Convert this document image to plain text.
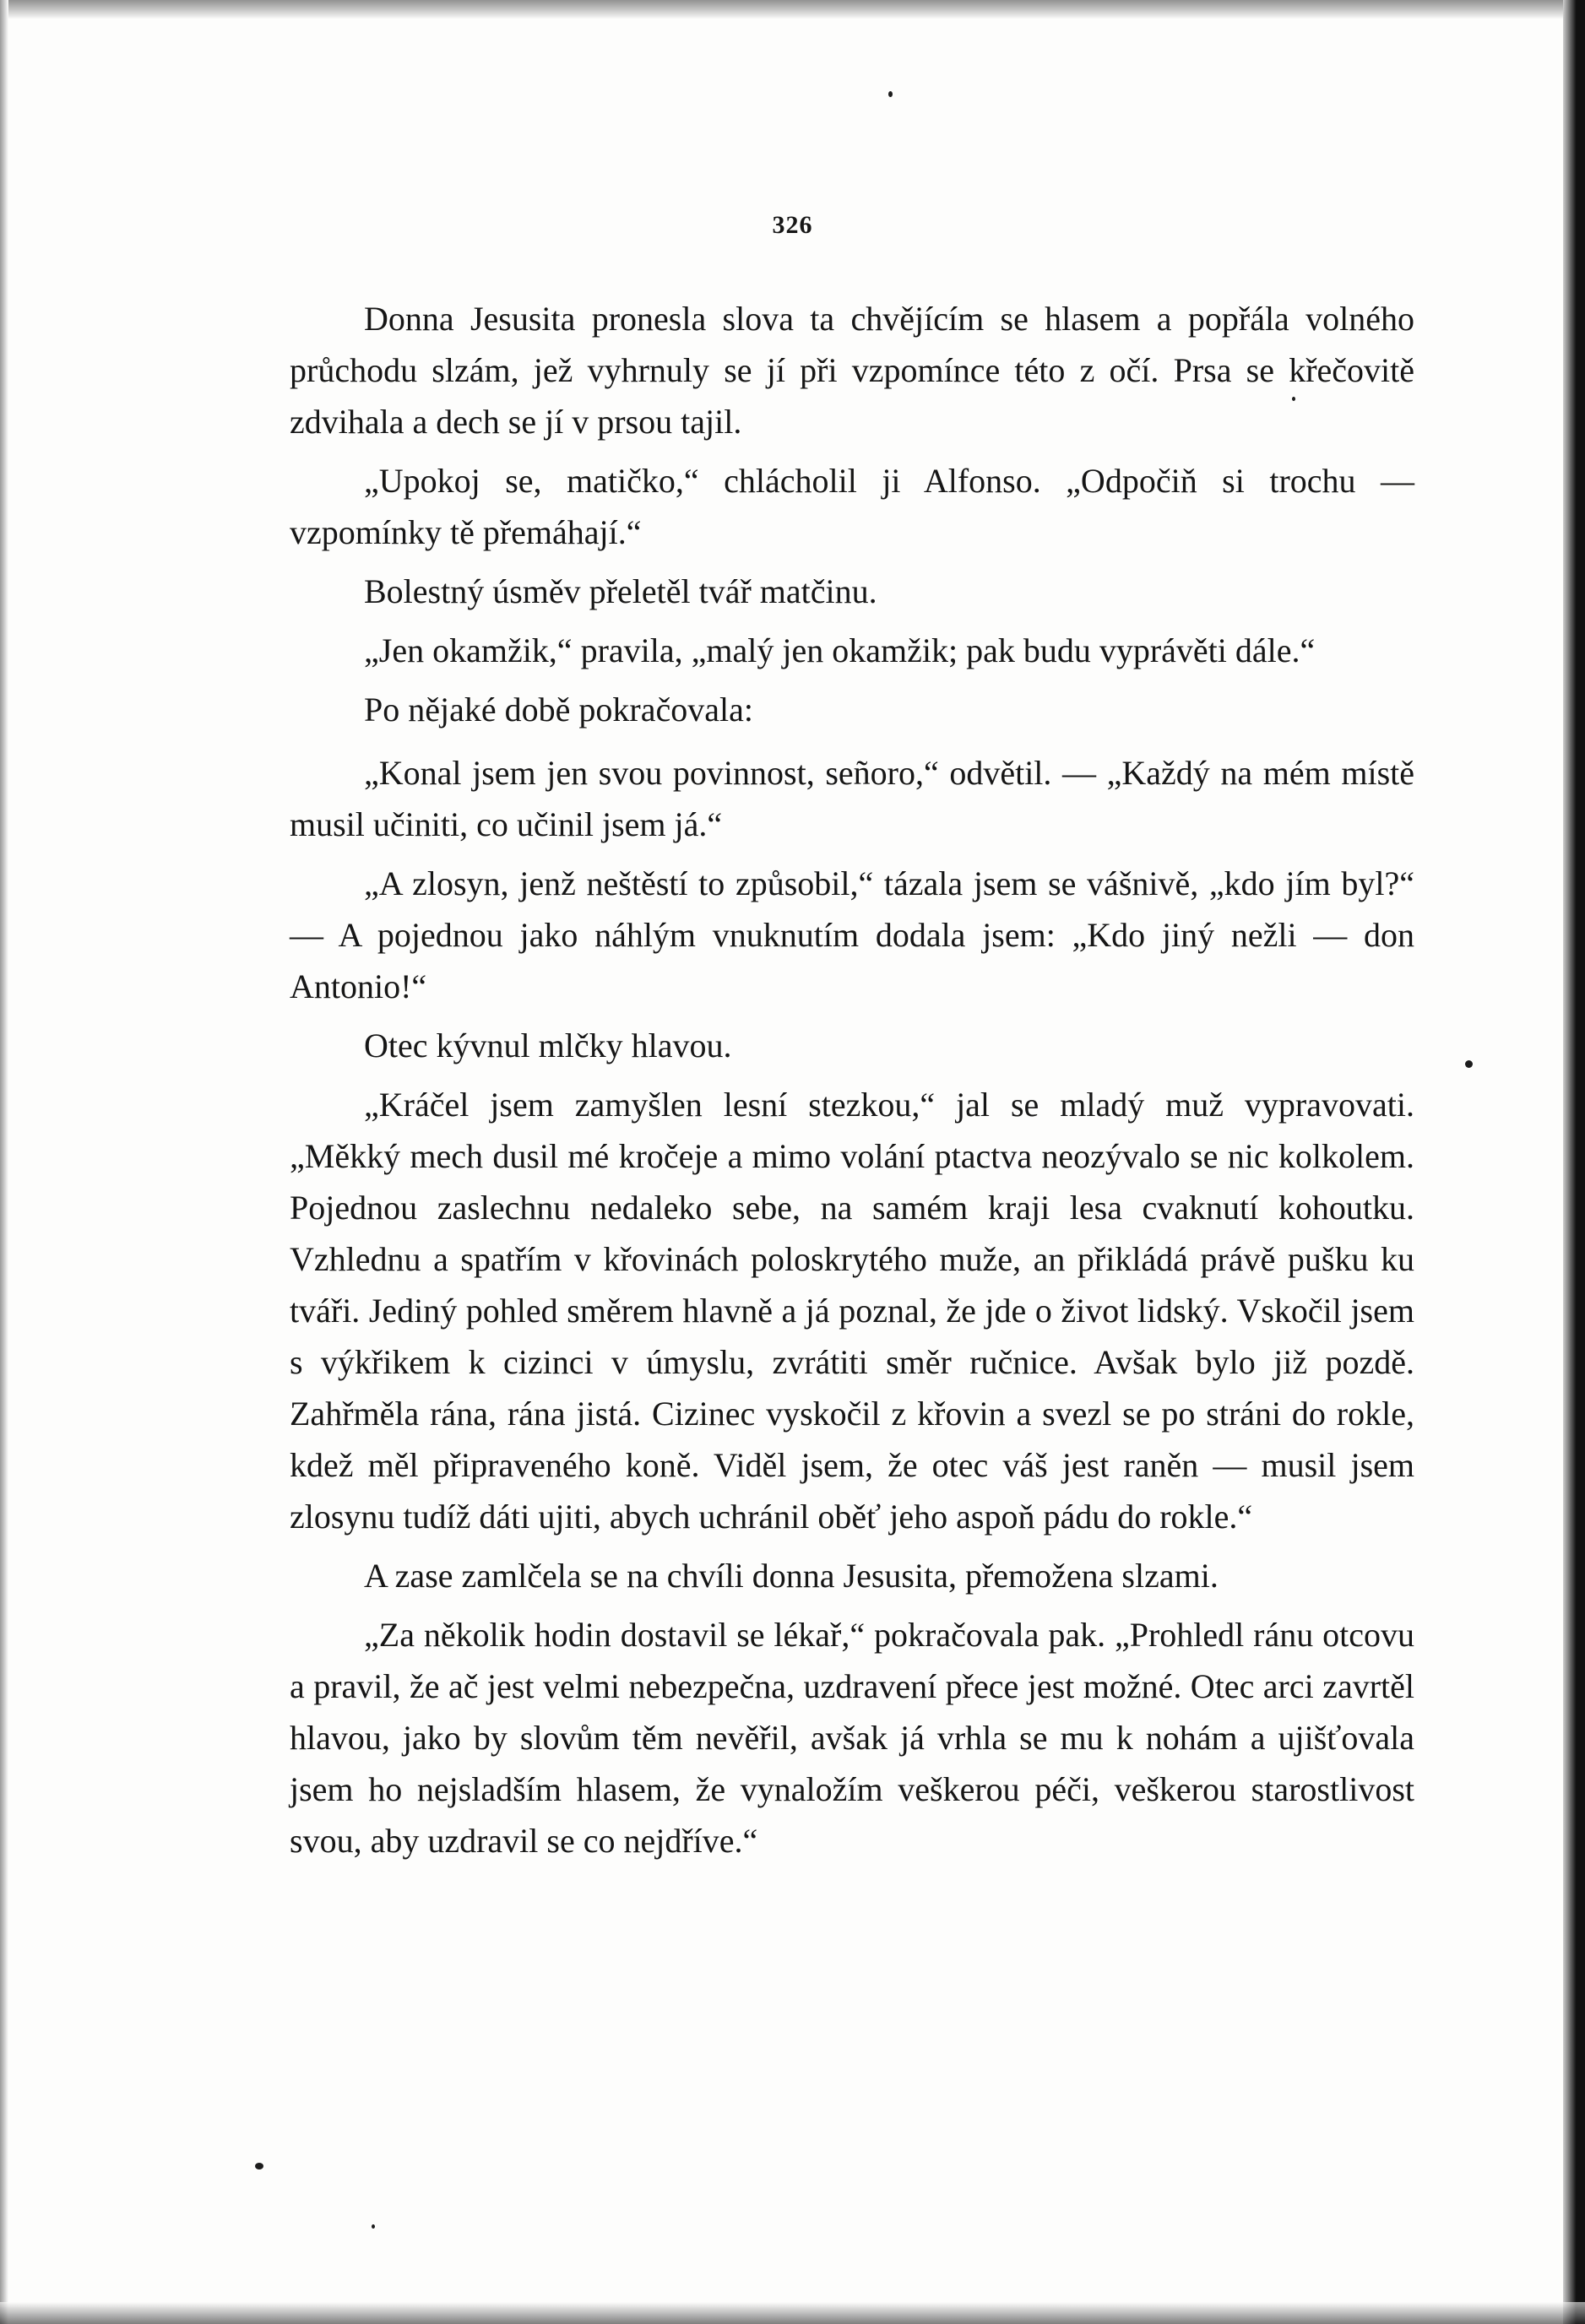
326

Donna Jesusita pronesla slova ta chvějícím se hlasem a popřála volného průchodu slzám, jež vyhrnuly se jí při vzpomínce této z očí. Prsa se křečovitě zdvihala a dech se jí v prsou tajil.

„Upokoj se, matičko,“ chlácholil ji Alfonso. „Odpočiň si trochu — vzpomínky tě přemáhají.“

Bolestný úsměv přeletěl tvář matčinu.

„Jen okamžik,“ pravila, „malý jen okamžik; pak budu vyprávěti dále.“

Po nějaké době pokračovala:

„Konal jsem jen svou povinnost, señoro,“ odvětil. — „Každý na mém místě musil učiniti, co učinil jsem já.“

„A zlosyn, jenž neštěstí to způsobil,“ tázala jsem se vášnivě, „kdo jím byl?“ — A pojednou jako náhlým vnuknutím dodala jsem: „Kdo jiný nežli — don Antonio!“

Otec kývnul mlčky hlavou.

„Kráčel jsem zamyšlen lesní stezkou,“ jal se mladý muž vypravovati. „Měkký mech dusil mé kročeje a mimo volání ptactva neozývalo se nic kolkolem. Pojednou zaslechnu nedaleko sebe, na samém kraji lesa cvaknutí kohoutku. Vzhlednu a spatřím v křovinách poloskrytého muže, an přikládá právě pušku ku tváři. Jediný pohled směrem hlavně a já poznal, že jde o život lidský. Vskočil jsem s výkřikem k cizinci v úmyslu, zvrátiti směr ručnice. Avšak bylo již pozdě. Zahřměla rána, rána jistá. Cizinec vyskočil z křovin a svezl se po stráni do rokle, kdež měl připraveného koně. Viděl jsem, že otec váš jest raněn — musil jsem zlosynu tudíž dáti ujiti, abych uchránil oběť jeho aspoň pádu do rokle.“

A zase zamlčela se na chvíli donna Jesusita, přemožena slzami.

„Za několik hodin dostavil se lékař,“ pokračovala pak. „Prohledl ránu otcovu a pravil, že ač jest velmi nebezpečna, uzdravení přece jest možné. Otec arci zavrtěl hlavou, jako by slovům těm nevěřil, avšak já vrhla se mu k nohám a ujišťovala jsem ho nejsladším hlasem, že vynaložím veškerou péči, veškerou starostlivost svou, aby uzdravil se co nejdříve.“
